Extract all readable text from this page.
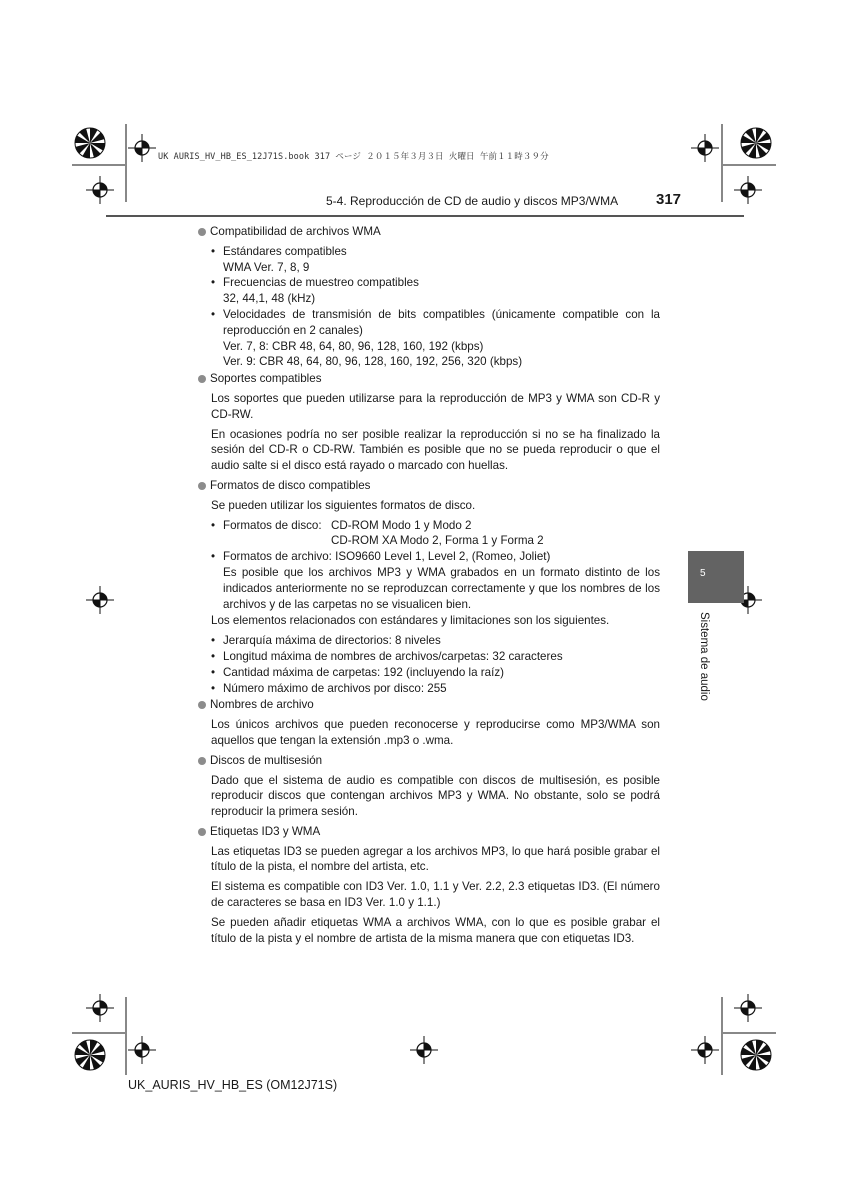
UK AURIS_HV_HB_ES_12J71S.book 317 ページ ２０１５年３月３日 火曜日 午前１１時３９分
5-4. Reproducción de CD de audio y discos MP3/WMA	317
5
Sistema de audio
Compatibilidad de archivos WMA
• Estándares compatibles
WMA Ver. 7, 8, 9
• Frecuencias de muestreo compatibles
32, 44,1, 48 (kHz)
• Velocidades de transmisión de bits compatibles (únicamente compatible con la reproducción en 2 canales)
Ver. 7, 8: CBR 48, 64, 80, 96, 128, 160, 192 (kbps)
Ver. 9: CBR 48, 64, 80, 96, 128, 160, 192, 256, 320 (kbps)
Soportes compatibles
Los soportes que pueden utilizarse para la reproducción de MP3 y WMA son CD-R y CD-RW.
En ocasiones podría no ser posible realizar la reproducción si no se ha finalizado la sesión del CD-R o CD-RW. También es posible que no se pueda reproducir o que el audio salte si el disco está rayado o marcado con huellas.
Formatos de disco compatibles
Se pueden utilizar los siguientes formatos de disco.
• Formatos de disco: CD-ROM Modo 1 y Modo 2
CD-ROM XA Modo 2, Forma 1 y Forma 2
• Formatos de archivo: ISO9660 Level 1, Level 2, (Romeo, Joliet)
Es posible que los archivos MP3 y WMA grabados en un formato distinto de los indicados anteriormente no se reproduzcan correctamente y que los nombres de los archivos y de las carpetas no se visualicen bien.
Los elementos relacionados con estándares y limitaciones son los siguientes.
• Jerarquía máxima de directorios: 8 niveles
• Longitud máxima de nombres de archivos/carpetas: 32 caracteres
• Cantidad máxima de carpetas: 192 (incluyendo la raíz)
• Número máximo de archivos por disco: 255
Nombres de archivo
Los únicos archivos que pueden reconocerse y reproducirse como MP3/WMA son aquellos que tengan la extensión .mp3 o .wma.
Discos de multisesión
Dado que el sistema de audio es compatible con discos de multisesión, es posible reproducir discos que contengan archivos MP3 y WMA. No obstante, solo se podrá reproducir la primera sesión.
Etiquetas ID3 y WMA
Las etiquetas ID3 se pueden agregar a los archivos MP3, lo que hará posible grabar el título de la pista, el nombre del artista, etc.
El sistema es compatible con ID3 Ver. 1.0, 1.1 y Ver. 2.2, 2.3 etiquetas ID3. (El número de caracteres se basa en ID3 Ver. 1.0 y 1.1.)
Se pueden añadir etiquetas WMA a archivos WMA, con lo que es posible grabar el título de la pista y el nombre de artista de la misma manera que con etiquetas ID3.
UK_AURIS_HV_HB_ES (OM12J71S)
